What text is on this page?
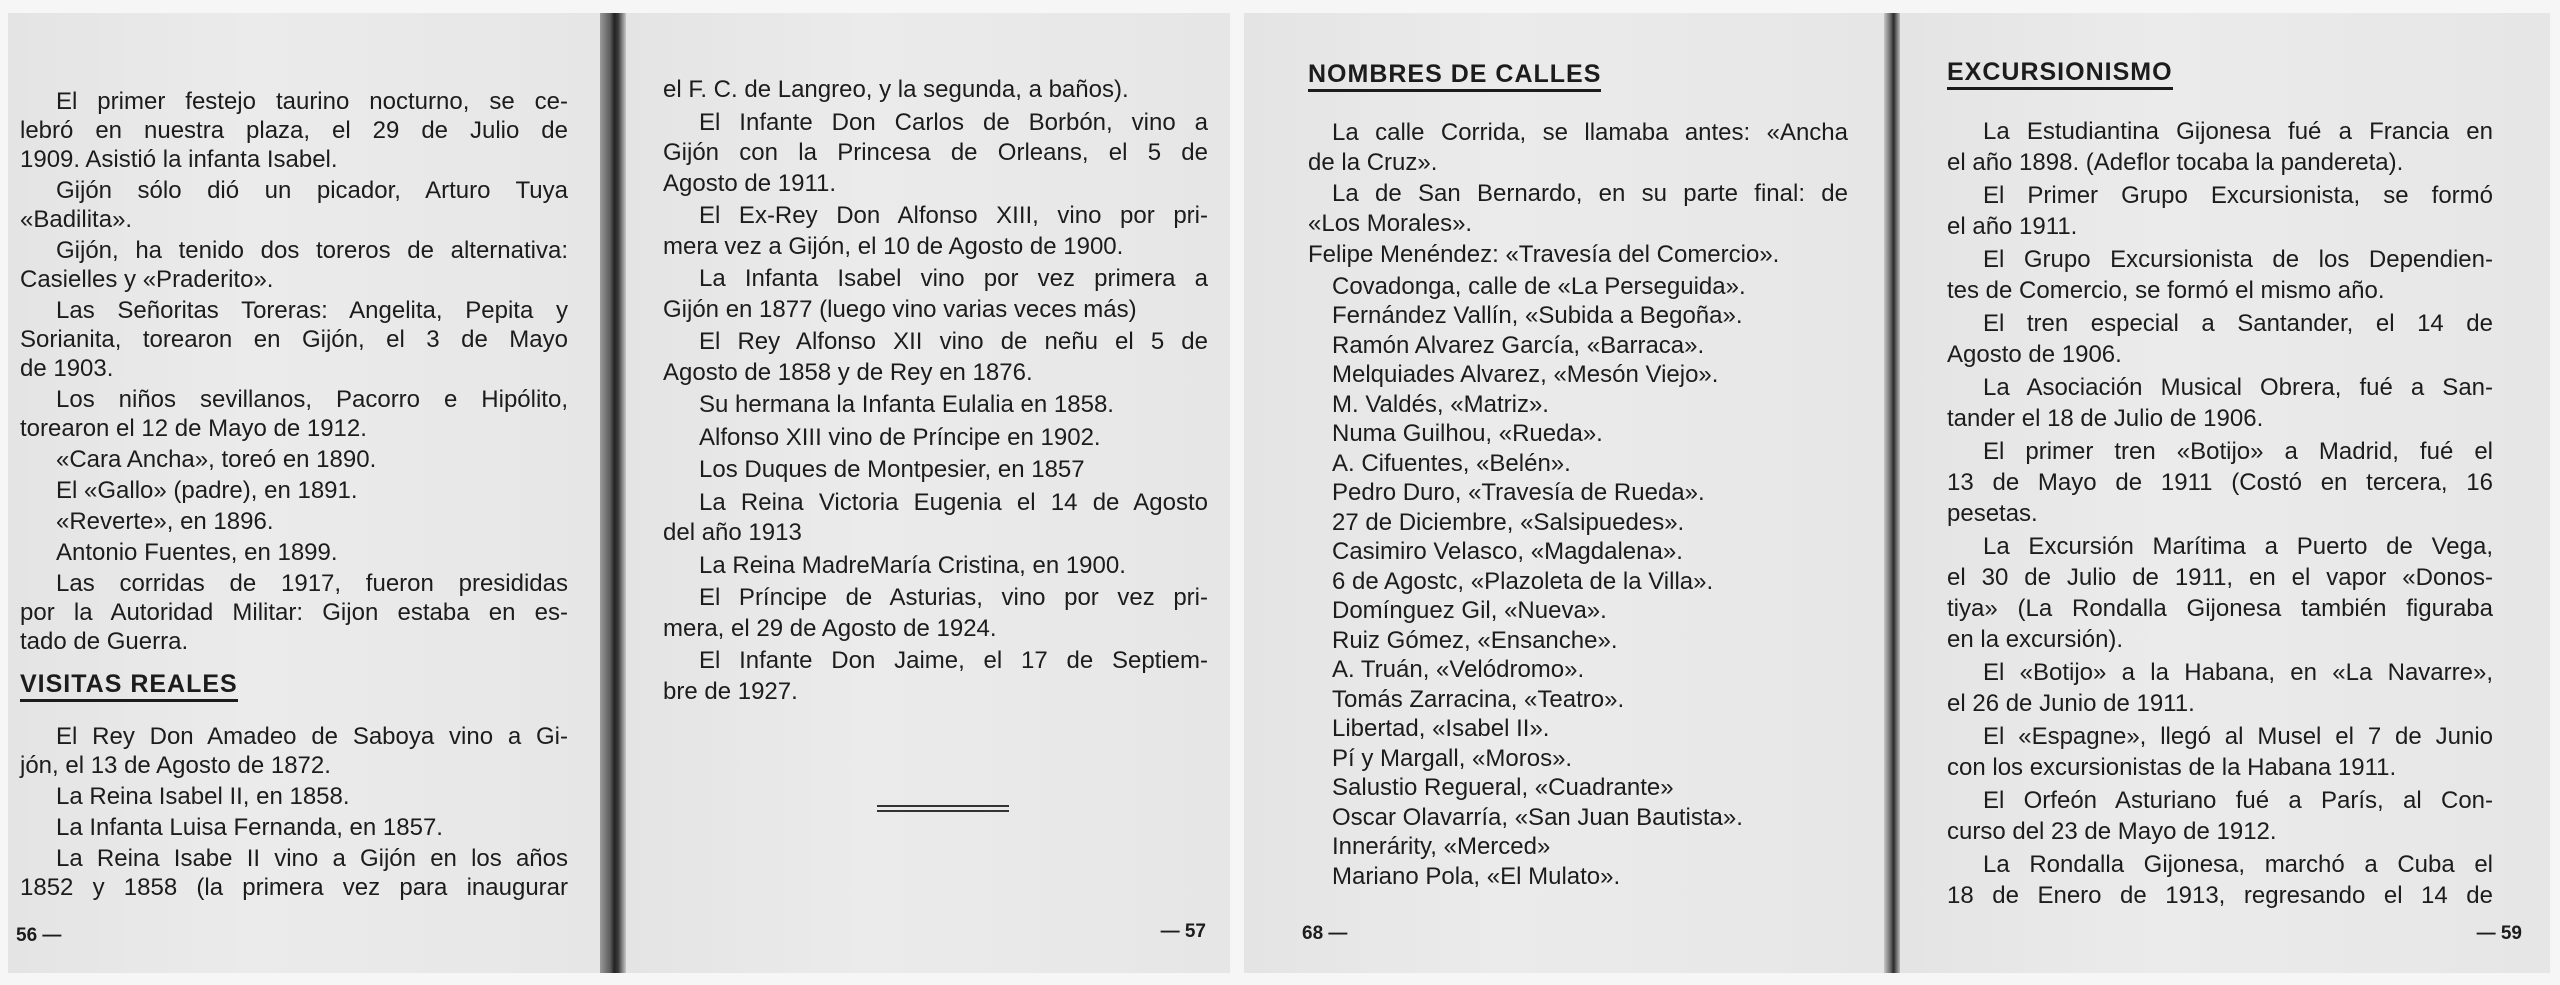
El primer festejo taurino nocturno, se ce-
lebró en nuestra plaza, el 29 de Julio de
1909. Asistió la infanta Isabel.
Gijón sólo dió un picador, Arturo Tuya
«Badilita».
Gijón, ha tenido dos toreros de alternativa:
Casielles y «Praderito».
Las Señoritas Toreras: Angelita, Pepita y
Sorianita, torearon en Gijón, el 3 de Mayo
de 1903.
Los niños sevillanos, Pacorro e Hipólito,
torearon el 12 de Mayo de 1912.
«Cara Ancha», toreó en 1890.
El «Gallo» (padre), en 1891.
«Reverte», en 1896.
Antonio Fuentes, en 1899.
Las corridas de 1917, fueron presididas
por la Autoridad Militar: Gijon estaba en es-
tado de Guerra.
VISITAS REALES
El Rey Don Amadeo de Saboya vino a Gi-
jón, el 13 de Agosto de 1872.
La Reina Isabel II, en 1858.
La Infanta Luisa Fernanda, en 1857.
La Reina Isabe II vino a Gijón en los años
1852 y 1858 (la primera vez para inaugurar
56 —
el F. C. de Langreo, y la segunda, a baños).
El Infante Don Carlos de Borbón, vino a
Gijón con la Princesa de Orleans, el 5 de
Agosto de 1911.
El Ex-Rey Don Alfonso XIII, vino por pri-
mera vez a Gijón, el 10 de Agosto de 1900.
La Infanta Isabel vino por vez primera a
Gijón en 1877 (luego vino varias veces más)
El Rey Alfonso XII vino de neñu el 5 de
Agosto de 1858 y de Rey en 1876.
Su hermana la Infanta Eulalia en 1858.
Alfonso XIII vino de Príncipe en 1902.
Los Duques de Montpesier, en 1857
La Reina Victoria Eugenia el 14 de Agosto
del año 1913
La Reina MadreMaría Cristina, en 1900.
El Príncipe de Asturias, vino por vez pri-
mera, el 29 de Agosto de 1924.
El Infante Don Jaime, el 17 de Septiem-
bre de 1927.
— 57
NOMBRES DE CALLES
La calle Corrida, se llamaba antes: «Ancha
de la Cruz».
La de San Bernardo, en su parte final: de
«Los Morales».
Felipe Menéndez: «Travesía del Comercio».
Covadonga, calle de «La Perseguida».
Fernández Vallín, «Subida a Begoña».
Ramón Alvarez García, «Barraca».
Melquiades Alvarez, «Mesón Viejo».
M. Valdés, «Matriz».
Numa Guilhou, «Rueda».
A. Cifuentes, «Belén».
Pedro Duro, «Travesía de Rueda».
27 de Diciembre, «Salsipuedes».
Casimiro Velasco, «Magdalena».
6 de Agostc, «Plazoleta de la Villa».
Domínguez Gil, «Nueva».
Ruiz Gómez, «Ensanche».
A. Truán, «Velódromo».
Tomás Zarracina, «Teatro».
Libertad, «Isabel II».
Pí y Margall, «Moros».
Salustio Regueral, «Cuadrante»
Oscar Olavarría, «San Juan Bautista».
Innerárity, «Merced»
Mariano Pola, «El Mulato».
68 —
EXCURSIONISMO
La Estudiantina Gijonesa fué a Francia en
el año 1898. (Adeflor tocaba la pandereta).
El Primer Grupo Excursionista, se formó
el año 1911.
El Grupo Excursionista de los Dependien-
tes de Comercio, se formó el mismo año.
El tren especial a Santander, el 14 de
Agosto de 1906.
La Asociación Musical Obrera, fué a San-
tander el 18 de Julio de 1906.
El primer tren «Botijo» a Madrid, fué el
13 de Mayo de 1911 (Costó en tercera, 16
pesetas.
La Excursión Marítima a Puerto de Vega,
el 30 de Julio de 1911, en el vapor «Donos-
tiya» (La Rondalla Gijonesa también figuraba
en la excursión).
El «Botijo» a la Habana, en «La Navarre»,
el 26 de Junio de 1911.
El «Espagne», llegó al Musel el 7 de Junio
con los excursionistas de la Habana 1911.
El Orfeón Asturiano fué a París, al Con-
curso del 23 de Mayo de 1912.
La Rondalla Gijonesa, marchó a Cuba el
18 de Enero de 1913, regresando el 14 de
— 59
